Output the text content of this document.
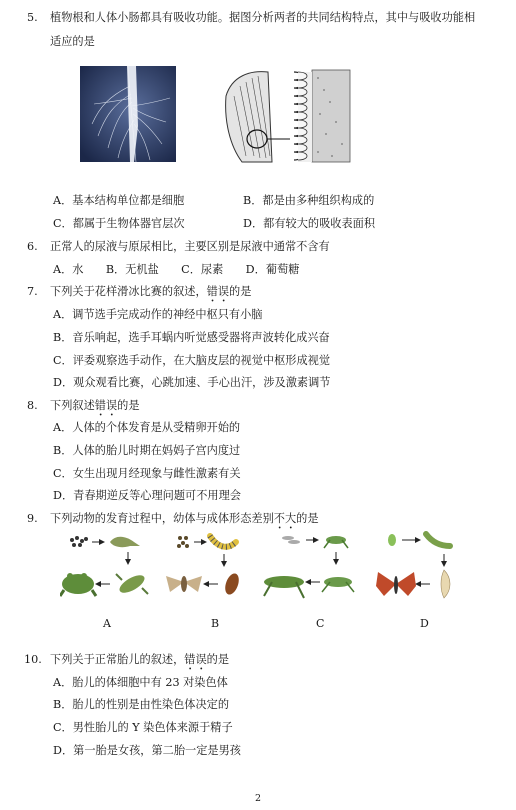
5. 植物根和人体小肠都具有吸收功能。据图分析两者的共同结构特点，其中与吸收功能相
适应的是
A．基本结构单位都是细胞	B．都是由多种组织构成的
C．都属于生物体器官层次	D．都有较大的吸收表面积
6. 正常人的尿液与原尿相比，主要区别是尿液中通常不含有
A．水　　B．无机盐　　C．尿素　　D．葡萄糖
7. 下列关于花样滑冰比赛的叙述，错误的是
A．调节选手完成动作的神经中枢只有小脑
B．音乐响起，选手耳蜗内听觉感受器将声波转化成兴奋
C．评委观察选手动作，在大脑皮层的视觉中枢形成视觉
D．观众观看比赛，心跳加速、手心出汗，涉及激素调节
8. 下列叙述错误的是
A．人体的个体发育是从受精卵开始的
B．人体的胎儿时期在妈妈子宫内度过
C．女生出现月经现象与雌性激素有关
D．青春期逆反等心理问题可不用理会
9. 下列动物的发育过程中，幼体与成体形态差别不大的是
A	B	C	D
10. 下列关于正常胎儿的叙述，错误的是
A．胎儿的体细胞中有 23 对染色体
B．胎儿的性别是由性染色体决定的
C．男性胎儿的 Y 染色体来源于精子
D．第一胎是女孩，第二胎一定是男孩
2
